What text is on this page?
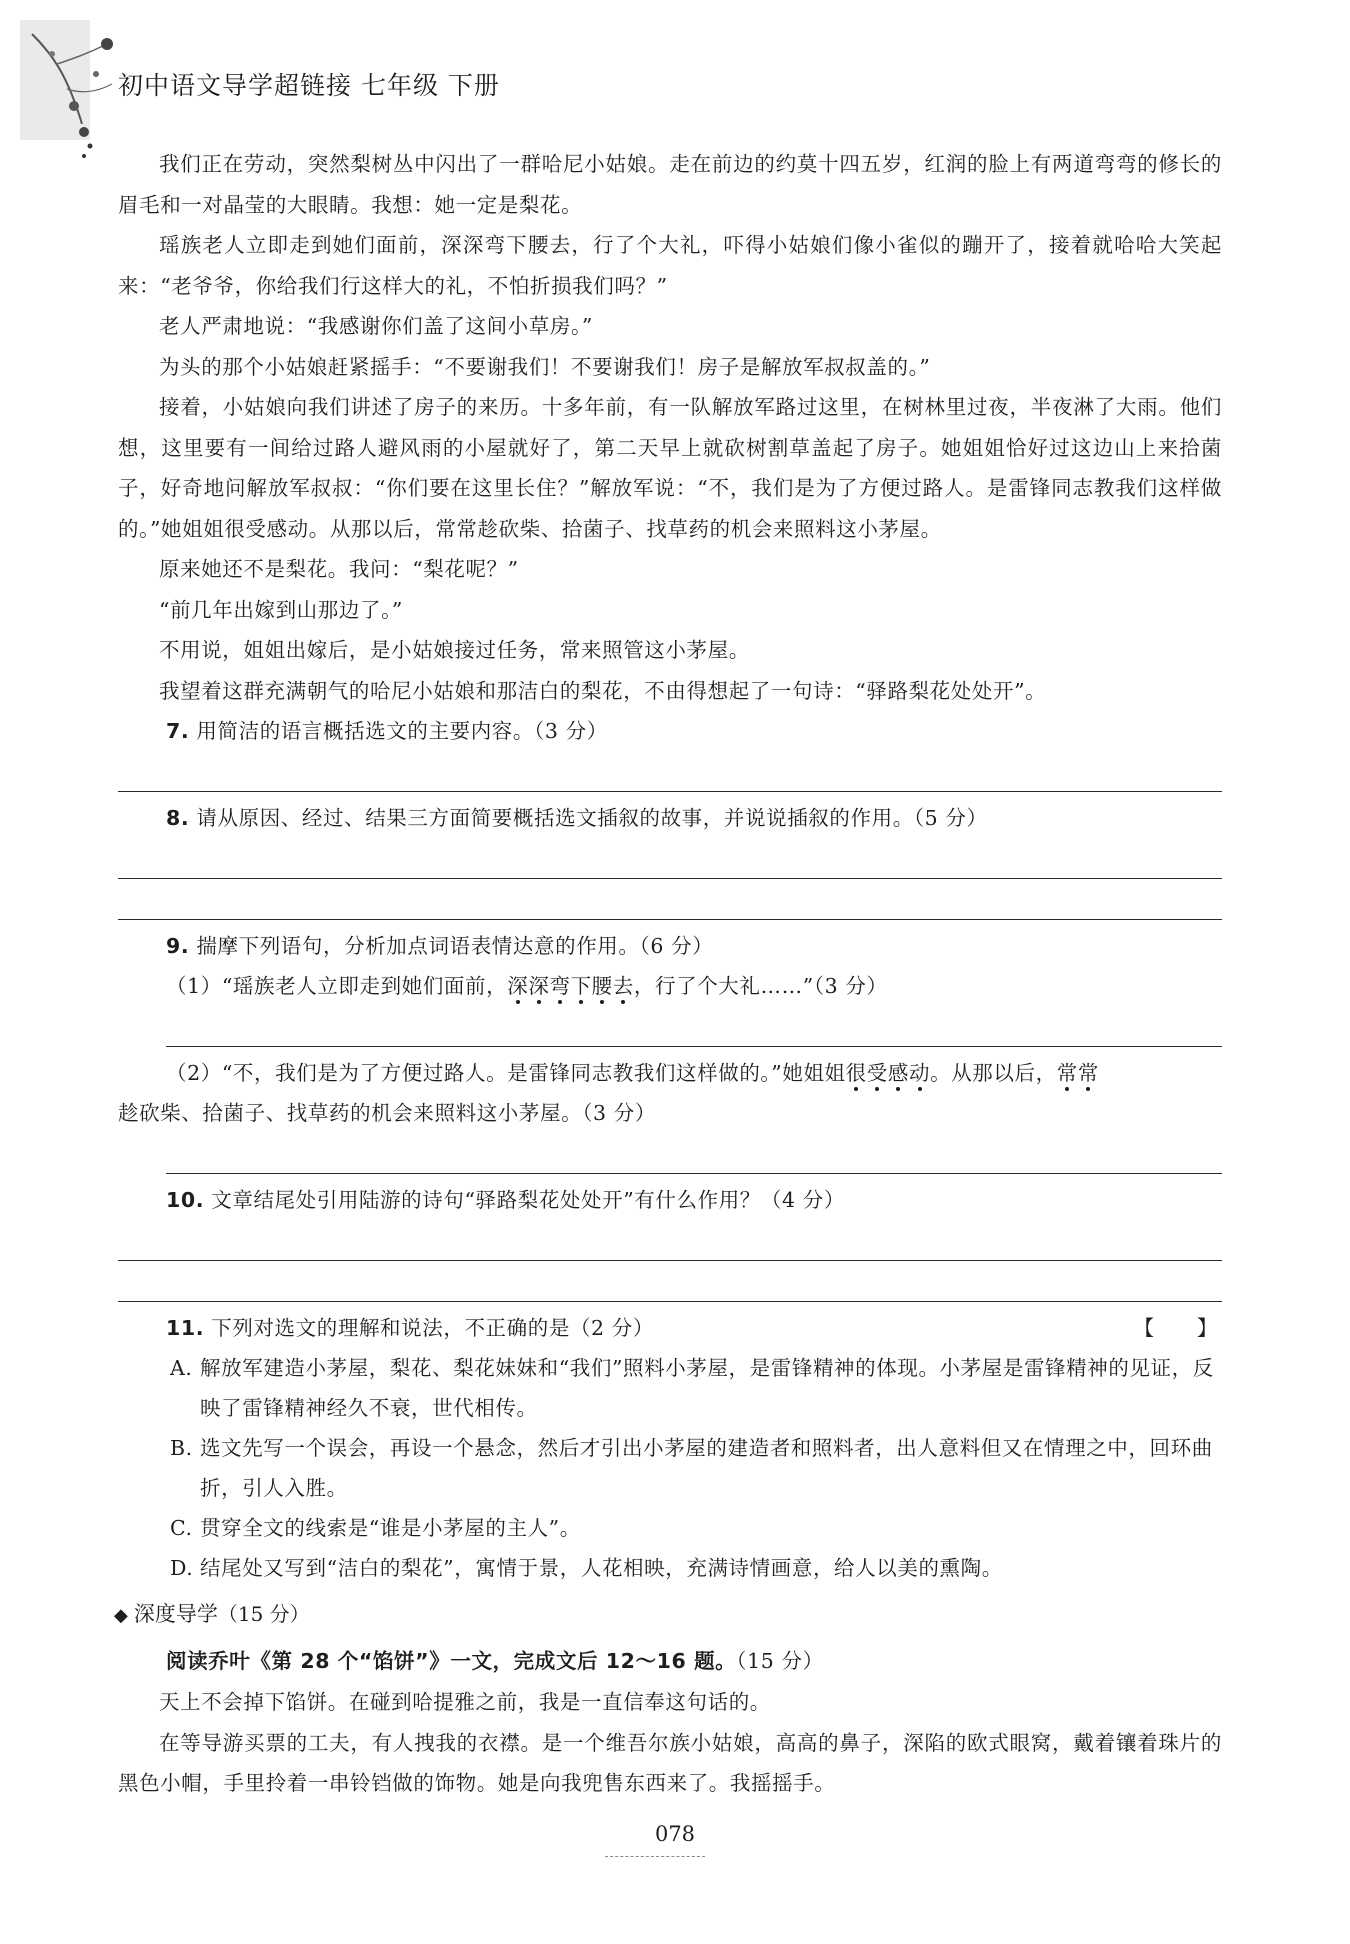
初中语文导学超链接 七年级 下册

我们正在劳动，突然梨树丛中闪出了一群哈尼小姑娘。走在前边的约莫十四五岁，红润的脸上有两道弯弯的修长的眉毛和一对晶莹的大眼睛。我想：她一定是梨花。

瑶族老人立即走到她们面前，深深弯下腰去，行了个大礼，吓得小姑娘们像小雀似的蹦开了，接着就哈哈大笑起来：“老爷爷，你给我们行这样大的礼，不怕折损我们吗？”

老人严肃地说：“我感谢你们盖了这间小草房。”

为头的那个小姑娘赶紧摇手：“不要谢我们！不要谢我们！房子是解放军叔叔盖的。”

接着，小姑娘向我们讲述了房子的来历。十多年前，有一队解放军路过这里，在树林里过夜，半夜淋了大雨。他们想，这里要有一间给过路人避风雨的小屋就好了，第二天早上就砍树割草盖起了房子。她姐姐恰好过这边山上来拾菌子，好奇地问解放军叔叔：“你们要在这里长住？”解放军说：“不，我们是为了方便过路人。是雷锋同志教我们这样做的。”她姐姐很受感动。从那以后，常常趁砍柴、拾菌子、找草药的机会来照料这小茅屋。

原来她还不是梨花。我问：“梨花呢？”

“前几年出嫁到山那边了。”

不用说，姐姐出嫁后，是小姑娘接过任务，常来照管这小茅屋。

我望着这群充满朝气的哈尼小姑娘和那洁白的梨花，不由得想起了一句诗：“驿路梨花处处开”。

7. 用简洁的语言概括选文的主要内容。（3 分）

8. 请从原因、经过、结果三方面简要概括选文插叙的故事，并说说插叙的作用。（5 分）

9. 揣摩下列语句，分析加点词语表情达意的作用。（6 分）

（1）“瑶族老人立即走到她们面前，深深弯下腰去，行了个大礼……”（3 分）

（2）“不，我们是为了方便过路人。是雷锋同志教我们这样做的。”她姐姐很受感动。从那以后，常常

趁砍柴、拾菌子、找草药的机会来照料这小茅屋。（3 分）

10. 文章结尾处引用陆游的诗句“驿路梨花处处开”有什么作用？（4 分）

11. 下列对选文的理解和说法，不正确的是（2 分）	【　　】

A. 解放军建造小茅屋，梨花、梨花妹妹和“我们”照料小茅屋，是雷锋精神的体现。小茅屋是雷锋精神的见证，反映了雷锋精神经久不衰，世代相传。

B. 选文先写一个误会，再设一个悬念，然后才引出小茅屋的建造者和照料者，出人意料但又在情理之中，回环曲折，引人入胜。

C. 贯穿全文的线索是“谁是小茅屋的主人”。

D. 结尾处又写到“洁白的梨花”，寓情于景，人花相映，充满诗情画意，给人以美的熏陶。

◆ 深度导学（15 分）

阅读乔叶《第 28 个“馅饼”》一文，完成文后 12～16 题。（15 分）

天上不会掉下馅饼。在碰到哈提雅之前，我是一直信奉这句话的。

在等导游买票的工夫，有人拽我的衣襟。是一个维吾尔族小姑娘，高高的鼻子，深陷的欧式眼窝，戴着镶着珠片的黑色小帽，手里拎着一串铃铛做的饰物。她是向我兜售东西来了。我摇摇手。

078
